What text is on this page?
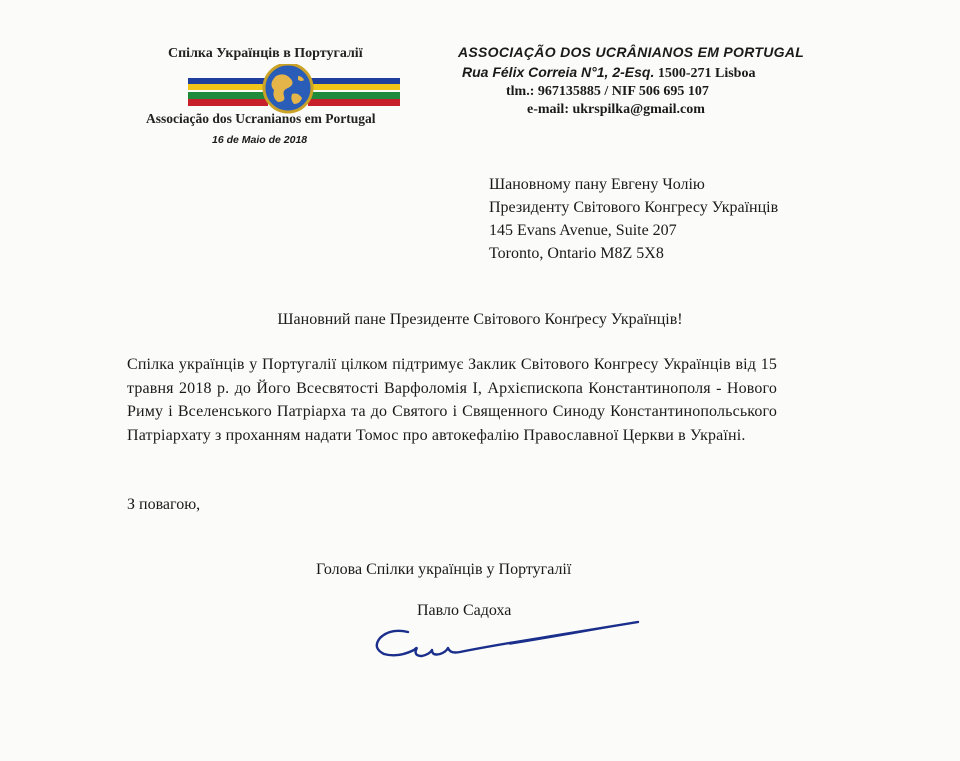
Спілка Українців в Португалії
Associação dos Ucranianos em Portugal
16 de Maio de 2018
ASSOCIAÇÃO DOS UCRÂNIANOS EM PORTUGAL
Rua Félix Correia N°1, 2-Esq. 1500-271 Lisboa
tlm.: 967135885 / NIF 506 695 107
e-mail: ukrspilka@gmail.com
Шановному пану Евгену Чолію
Президенту Світового Конгресу Українців
145 Evans Avenue, Suite 207
Toronto, Ontario M8Z 5X8
Шановний пане Президенте Світового Конґресу Українців!
Спілка українців у Португалії цілком підтримує Заклик Світового Конгресу Українців від 15 травня 2018 р. до Його Всесвятості Варфоломія I, Архієпископа Константинополя - Нового Риму і Вселенського Патріарха та до Святого і Священного Синоду Константинопольського Патріархату з проханням надати Томос про автокефалію Православної Церкви в Україні.
З повагою,
Голова Спілки українців у Португалії
Павло Садоха
